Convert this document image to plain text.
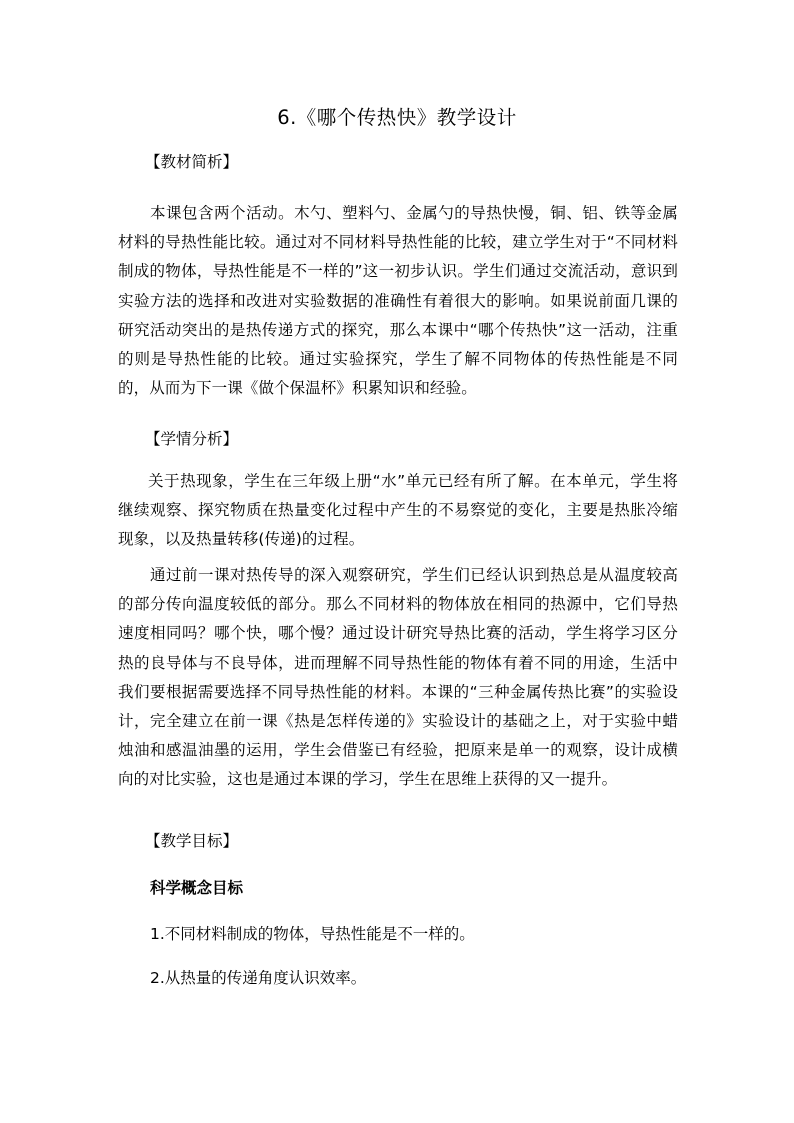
6.《哪个传热快》教学设计
【教材简析】
本课包含两个活动。木勺、塑料勺、金属勺的导热快慢，铜、铝、铁等金属材料的导热性能比较。通过对不同材料导热性能的比较，建立学生对于“不同材料制成的物体，导热性能是不一样的”这一初步认识。学生们通过交流活动，意识到实验方法的选择和改进对实验数据的准确性有着很大的影响。如果说前面几课的研究活动突出的是热传递方式的探究，那么本课中“哪个传热快”这一活动，注重的则是导热性能的比较。通过实验探究，学生了解不同物体的传热性能是不同的，从而为下一课《做个保温杯》积累知识和经验。
【学情分析】
关于热现象，学生在三年级上册“水”单元已经有所了解。在本单元，学生将继续观察、探究物质在热量变化过程中产生的不易察觉的变化，主要是热胀冷缩现象，以及热量转移(传递)的过程。
通过前一课对热传导的深入观察研究，学生们已经认识到热总是从温度较高的部分传向温度较低的部分。那么不同材料的物体放在相同的热源中，它们导热速度相同吗？哪个快，哪个慢？通过设计研究导热比赛的活动，学生将学习区分热的良导体与不良导体，进而理解不同导热性能的物体有着不同的用途，生活中我们要根据需要选择不同导热性能的材料。本课的“三种金属传热比赛”的实验设计，完全建立在前一课《热是怎样传递的》实验设计的基础之上，对于实验中蜡烛油和感温油墨的运用，学生会借鉴已有经验，把原来是单一的观察，设计成横向的对比实验，这也是通过本课的学习，学生在思维上获得的又一提升。
【教学目标】
科学概念目标
1.不同材料制成的物体，导热性能是不一样的。
2.从热量的传递角度认识效率。
